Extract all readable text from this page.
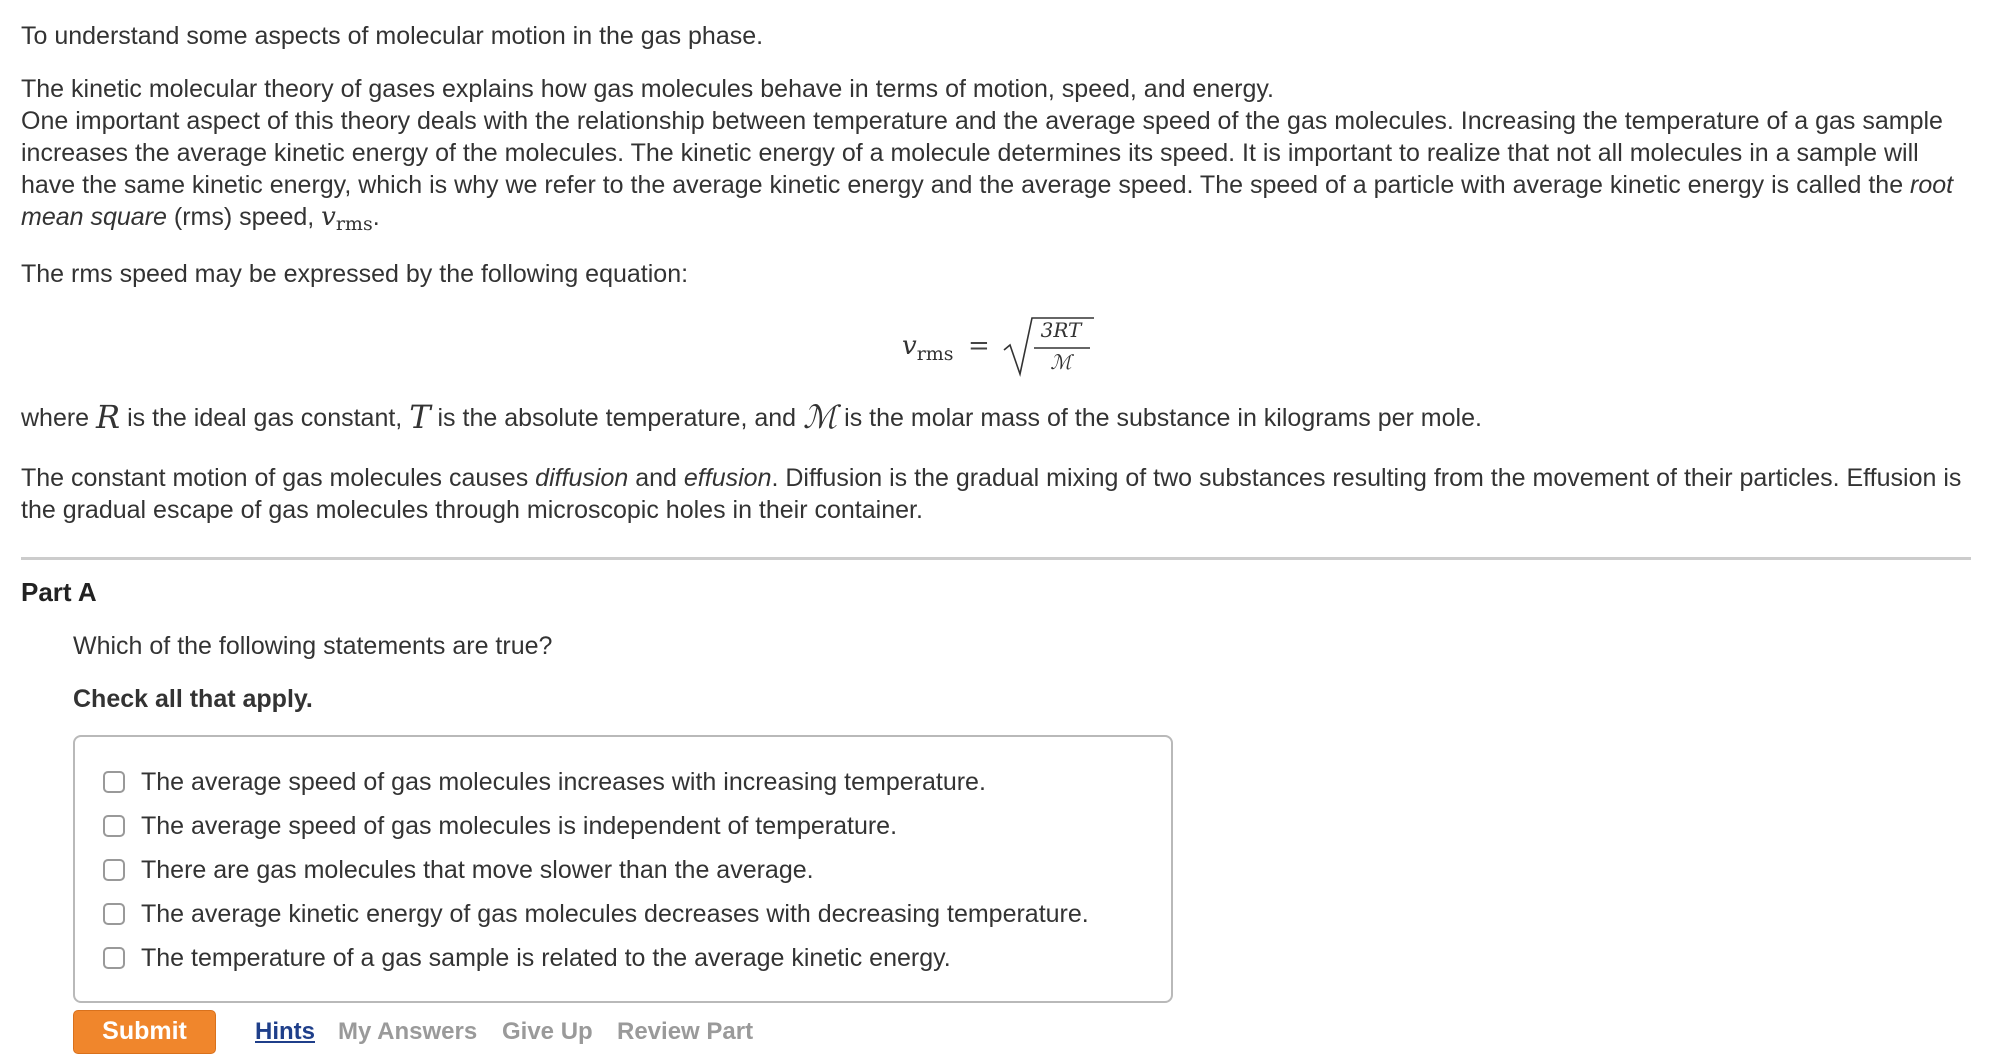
To understand some aspects of molecular motion in the gas phase.

The kinetic molecular theory of gases explains how gas molecules behave in terms of motion, speed, and energy.
One important aspect of this theory deals with the relationship between temperature and the average speed of the gas molecules. Increasing the temperature of a gas sample increases the average kinetic energy of the molecules. The kinetic energy of a molecule determines its speed. It is important to realize that not all molecules in a sample will have the same kinetic energy, which is why we refer to the average kinetic energy and the average speed. The speed of a particle with average kinetic energy is called the root mean square (rms) speed, $v_{rms}$.

The rms speed may be expressed by the following equation:

$v_{rms}$ =
3RT
ℳ

where R is the ideal gas constant, T is the absolute temperature, and ℳ is the molar mass of the substance in kilograms per mole.

The constant motion of gas molecules causes diffusion and effusion. Diffusion is the gradual mixing of two substances resulting from the movement of their particles. Effusion is the gradual escape of gas molecules through microscopic holes in their container.

Part A

Which of the following statements are true?

Check all that apply.

The average speed of gas molecules increases with increasing temperature.
The average speed of gas molecules is independent of temperature.
There are gas molecules that move slower than the average.
The average kinetic energy of gas molecules decreases with decreasing temperature.
The temperature of a gas sample is related to the average kinetic energy.
Submit	Hints My Answers Give Up Review Part
